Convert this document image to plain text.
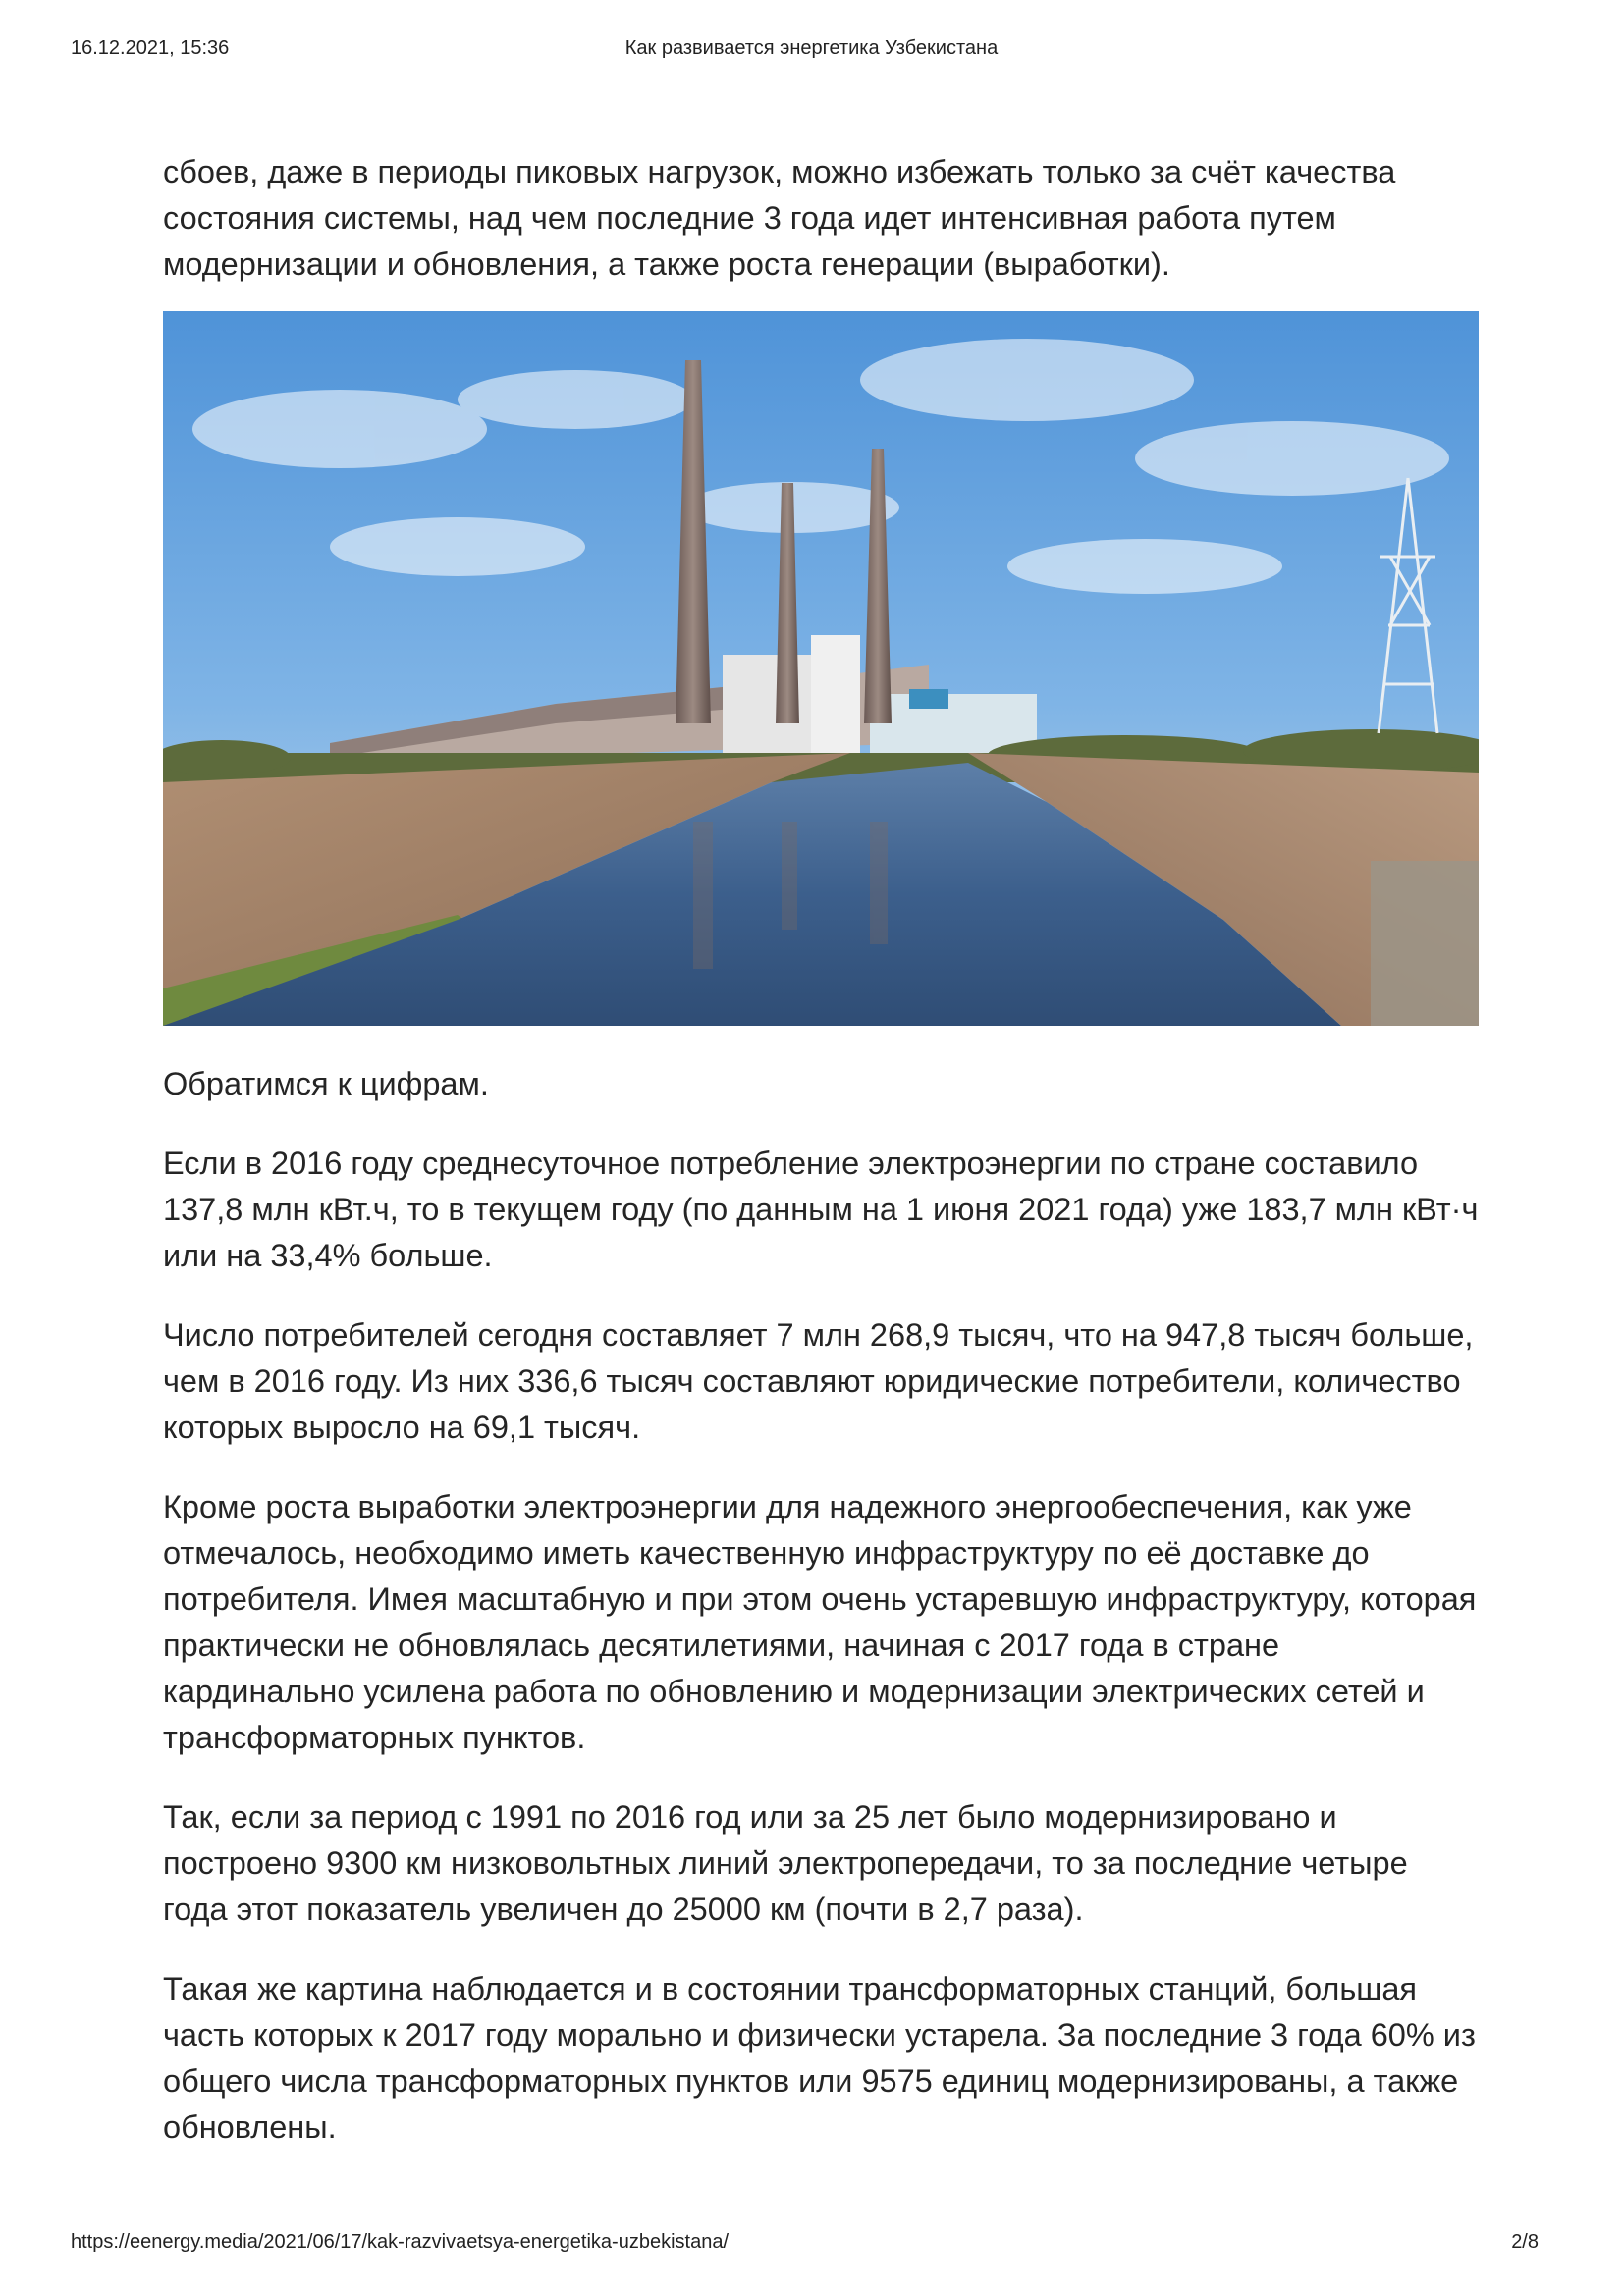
16.12.2021, 15:36	Как развивается энергетика Узбекистана

сбоев, даже в периоды пиковых нагрузок, можно избежать только за счёт качества состояния системы, над чем последние 3 года идет интенсивная работа путем модернизации и обновления, а также роста генерации (выработки).

Обратимся к цифрам.

Если в 2016 году среднесуточное потребление электроэнергии по стране составило 137,8 млн кВт.ч, то в текущем году (по данным на 1 июня 2021 года) уже 183,7 млн кВт·ч или на 33,4% больше.

Число потребителей сегодня составляет 7 млн 268,9 тысяч, что на 947,8 тысяч больше, чем в 2016 году. Из них 336,6 тысяч составляют юридические потребители, количество которых выросло на 69,1 тысяч.

Кроме роста выработки электроэнергии для надежного энергообеспечения, как уже отмечалось, необходимо иметь качественную инфраструктуру по её доставке до потребителя. Имея масштабную и при этом очень устаревшую инфраструктуру, которая практически не обновлялась десятилетиями, начиная с 2017 года в стране кардинально усилена работа по обновлению и модернизации электрических сетей и трансформаторных пунктов.

Так, если за период с 1991 по 2016 год или за 25 лет было модернизировано и построено 9300 км низковольтных линий электропередачи, то за последние четыре года этот показатель увеличен до 25000 км (почти в 2,7 раза).

Такая же картина наблюдается и в состоянии трансформаторных станций, большая часть которых к 2017 году морально и физически устарела. За последние 3 года 60% из общего числа трансформаторных пунктов или 9575 единиц модернизированы, а также обновлены.

https://eenergy.media/2021/06/17/kak-razvivaetsya-energetika-uzbekistana/	2/8
